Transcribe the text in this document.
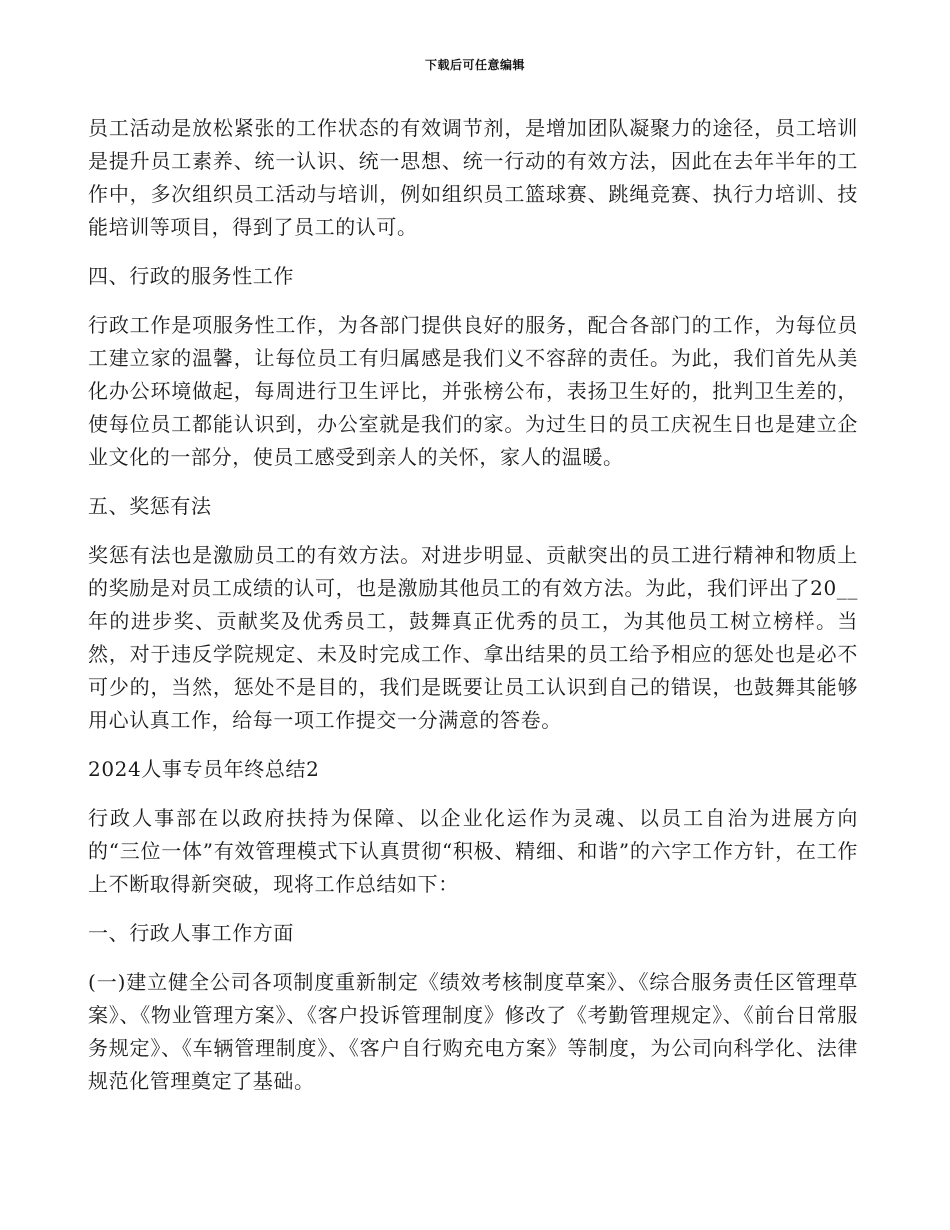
下载后可任意编辑

员工活动是放松紧张的工作状态的有效调节剂，是增加团队凝聚力的途径，员工培训是提升员工素养、统一认识、统一思想、统一行动的有效方法，因此在去年半年的工作中，多次组织员工活动与培训，例如组织员工篮球赛、跳绳竞赛、执行力培训、技能培训等项目，得到了员工的认可。

四、行政的服务性工作

行政工作是项服务性工作，为各部门提供良好的服务，配合各部门的工作，为每位员工建立家的温馨，让每位员工有归属感是我们义不容辞的责任。为此，我们首先从美化办公环境做起，每周进行卫生评比，并张榜公布，表扬卫生好的，批判卫生差的，使每位员工都能认识到，办公室就是我们的家。为过生日的员工庆祝生日也是建立企业文化的一部分，使员工感受到亲人的关怀，家人的温暖。

五、奖惩有法

奖惩有法也是激励员工的有效方法。对进步明显、贡献突出的员工进行精神和物质上的奖励是对员工成绩的认可，也是激励其他员工的有效方法。为此，我们评出了20__年的进步奖、贡献奖及优秀员工，鼓舞真正优秀的员工，为其他员工树立榜样。当然，对于违反学院规定、未及时完成工作、拿出结果的员工给予相应的惩处也是必不可少的，当然，惩处不是目的，我们是既要让员工认识到自己的错误，也鼓舞其能够用心认真工作，给每一项工作提交一分满意的答卷。

2024人事专员年终总结2

行政人事部在以政府扶持为保障、以企业化运作为灵魂、以员工自治为进展方向的“三位一体”有效管理模式下认真贯彻“积极、精细、和谐”的六字工作方针，在工作上不断取得新突破，现将工作总结如下：

一、行政人事工作方面

(一)建立健全公司各项制度重新制定《绩效考核制度草案》、《综合服务责任区管理草案》、《物业管理方案》、《客户投诉管理制度》修改了《考勤管理规定》、《前台日常服务规定》、《车辆管理制度》、《客户自行购充电方案》等制度，为公司向科学化、法律规范化管理奠定了基础。
